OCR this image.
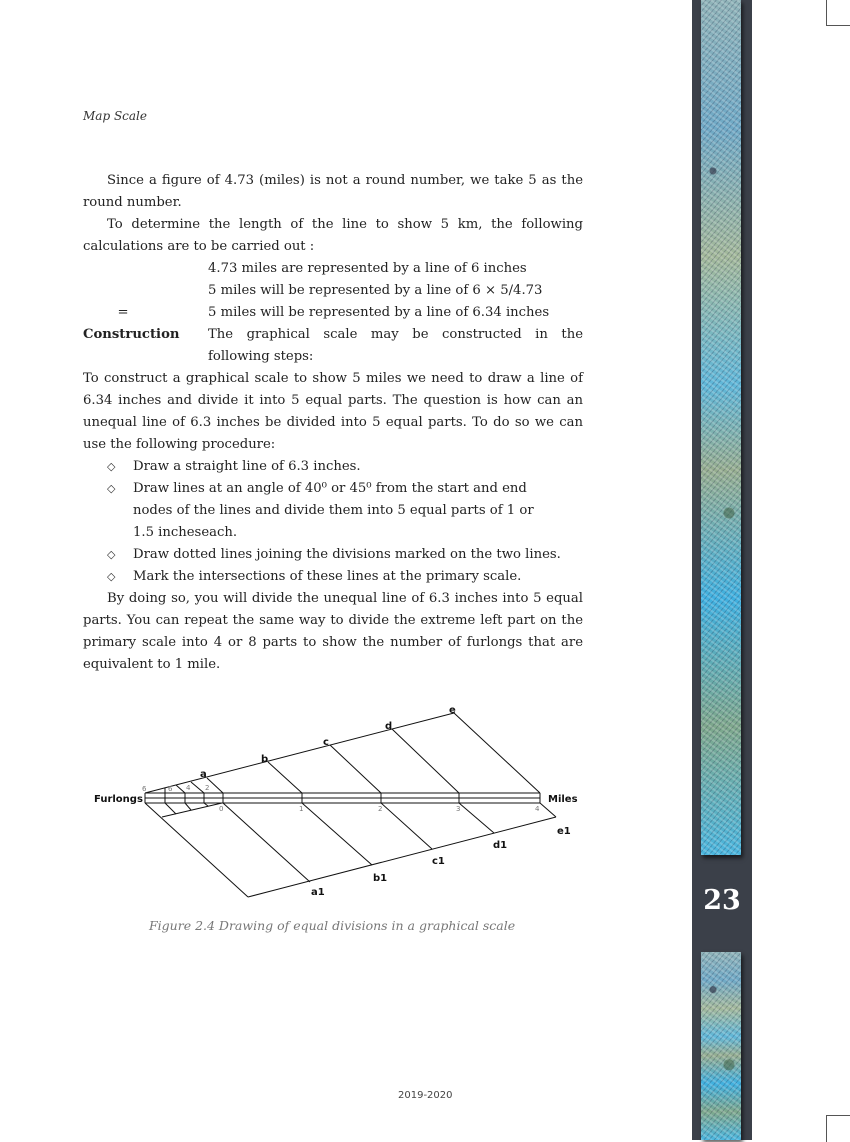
Map Scale

Since a figure of 4.73 (miles) is not a round number, we take 5 as the round number.

To determine the length of the line to show 5 km, the following calculations are to be carried out :

4.73 miles are represented by a line of 6 inches
5 miles will be represented by a line of 6 × 5/4.73
=	5 miles will be represented by a line of 6.34 inches
Construction	The graphical scale may be constructed in the following steps:

To construct a graphical scale to show 5 miles we need to draw a line of 6.34 inches and divide it into 5 equal parts. The question is how can an unequal line of 6.3 inches be divided into 5 equal parts. To do so we can use the following procedure:

◇	Draw a straight line of 6.3 inches.
◇	Draw lines at an angle of 40⁰ or 45⁰ from the start and end nodes of the lines and divide them into 5 equal parts of 1 or 1.5 incheseach.
◇	Draw dotted lines joining the divisions marked on the two lines.
◇	Mark the intersections of these lines at the primary scale.

By doing so, you will divide the unequal line of 6.3 inches into 5 equal parts. You can repeat the same way to divide the extreme left part on the primary scale into 4 or 8 parts to show the number of furlongs that are equivalent to 1 mile.

Furlongs	Miles
a
b
c
d
e
a1
b1
c1
d1
e1
6	6 4 2
0	1	2	3	4
Figure 2.4 Drawing of equal divisions in a graphical scale
2019-2020
23
